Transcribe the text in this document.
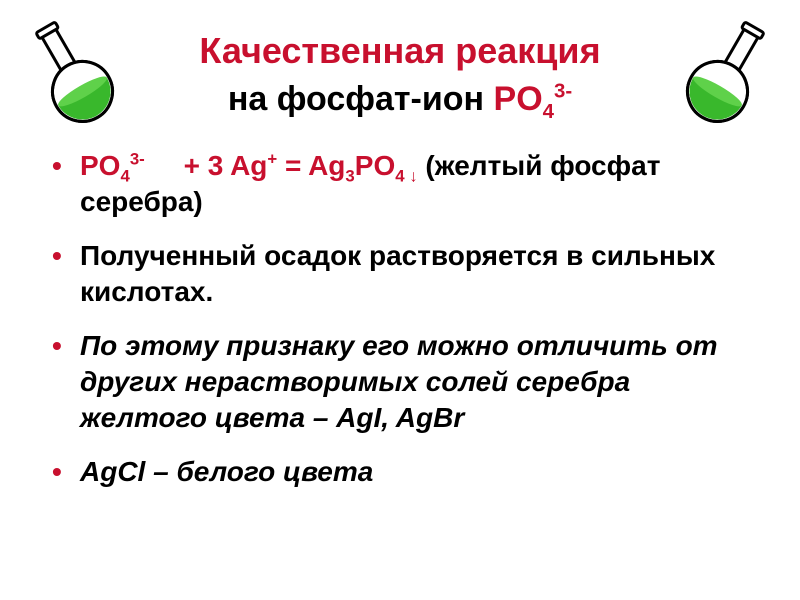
Качественная реакция
на фосфат-ион $PO_4^{3-}$
• $PO_4^{3-}$     + 3 $Ag^+ = Ag_3PO_{4 ↓}$ (желтый фосфат серебра)
• Полученный осадок растворяется в сильных кислотах.
• По этому признаку его можно отличить от других нерастворимых солей серебра желтого цвета – AgI, AgBr
• AgCl – белого цвета
